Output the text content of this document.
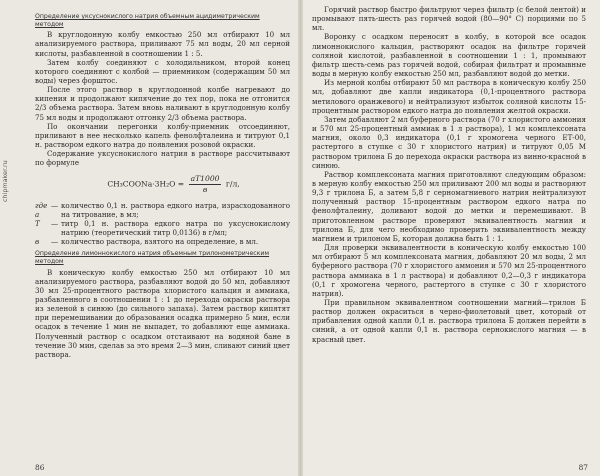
chipmaker.ru
Определение уксуснокислого натрия объемным ацидиметрическим методом

В круглодонную колбу емкостью 250 мл отбирают 10 мл анализируемого раствора, приливают 75 мл воды, 20 мл серной кислоты, разбавленной в соотношении 1 : 5.

Затем колбу соединяют с холодильником, второй конец которого соединяют с колбой — приемником (содержащим 50 мл воды) через форштос.

После этого раствор в круглодонной колбе нагревают до кипения и продолжают кипячение до тех пор, пока не отгонится 2/3 объема раствора. Затем вновь наливают в круглодонную колбу 75 мл воды и продолжают отгонку 2/3 объема раствора.

По окончании перегонки колбу-приемник отсоединяют, приливают в нее несколько капель фенолфталеина и титруют 0,1 н. раствором едкого натра до появления розовой окраски.

Содержание уксуснокислого натрия в растворе рассчитывают по формуле

CH₃COONa·3H₂O = $\frac{aT1000}{в} г/л$,
где а
— количество 0,1 н. раствора едкого натра, израсходованного на титрование, в мл;
Т	— титр 0,1 н. раствора едкого натра по уксуснокислому натрию (теоретический титр 0,0136) в г/мл;
в	— количество раствора, взятого на определение, в мл.
Определение лимоннокислого натрия объемным трилонометрическим методом

В коническую колбу емкостью 250 мл отбирают 10 мл анализируемого раствора, разбавляют водой до 50 мл, добавляют 30 мл 25-процентного раствора хлористого кальция и аммиака, разбавленного в соотношении 1 : 1 до перехода окраски раствора из зеленой в синюю (до сильного запаха). Затем раствор кипятят при перемешивании до образования осадка примерно 5 мин, если осадок в течение 1 мин не выпадет, то добавляют еще аммиака. Полученный раствор с осадком отстаивают на водяной бане в течение 30 мин, сделав за это время 2—3 мин, сливают синий цвет раствора.

86

Горячий раствор быстро фильтруют через фильтр (с белой лентой) и промывают пять-шесть раз горячей водой (80—90° С) порциями по 5 мл.

Воронку с осадком переносят в колбу, в которой все осадок лимоннокислого кальция, растворяют осадок на фильтре горячей соляной кислотой, разбавленной в соотношении 1 : 1, промывают фильтр шесть-семь раз горячей водой, собирая фильтрат и промывные воды в мерную колбу емкостью 250 мл, разбавляют водой до метки.

Из мерной колбы отбирают 50 мл раствора в коническую колбу 250 мл, добавляют две капли индикатора (0,1-процентного раствора метилового оранжевого) и нейтрализуют избыток соляной кислоты 15-процентным раствором едкого натра до появления желтой окраски.

Затем добавляют 2 мл буферного раствора (70 г хлористого аммония и 570 мл 25-процентный аммиак в 1 л раствора), 1 мл комплексоната магния, около 0,3 индикатора (0,1 г хромогена черного ЕТ-00, растертого в ступке с 30 г хлористого натрия) и титруют 0,05 М раствором трилона Б до перехода окраски раствора из винно-красной в синюю.

Раствор комплексоната магния приготовляют следующим образом: в мерную колбу емкостью 250 мл приливают 200 мл воды и растворяют 9,3 г трилона Б, а затем 5,8 г серномагниевого натрия нейтрализуют полученный раствор 15-процентным раствором едкого натра по фенолфталеину, доливают водой до метки и перемешивают. В приготовленном растворе проверяют эквивалентность магния и трилона Б, для чего необходимо проверить эквивалентность между магнием и трилоном Б, которая должна быть 1 : 1.

Для проверки эквивалентности в коническую колбу емкостью 100 мл отбирают 5 мл комплексоната магния, добавляют 20 мл воды, 2 мл буферного раствора (70 г хлористого аммония и 570 мл 25-процентного раствора аммиака в 1 л раствора) и добавляют 0,2—0,3 г индикатора (0,1 г хромогена черного, растертого в ступке с 30 г хлористого натрия).

При правильном эквивалентном соотношении магний—трилон Б раствор должен окраситься в черно-фиолетовый цвет, который от прибавления одной капли 0,1 н. раствора трилона Б должен перейти в синий, а от одной капли 0,1 н. раствора сернокислого магния — в красный цвет.

87
